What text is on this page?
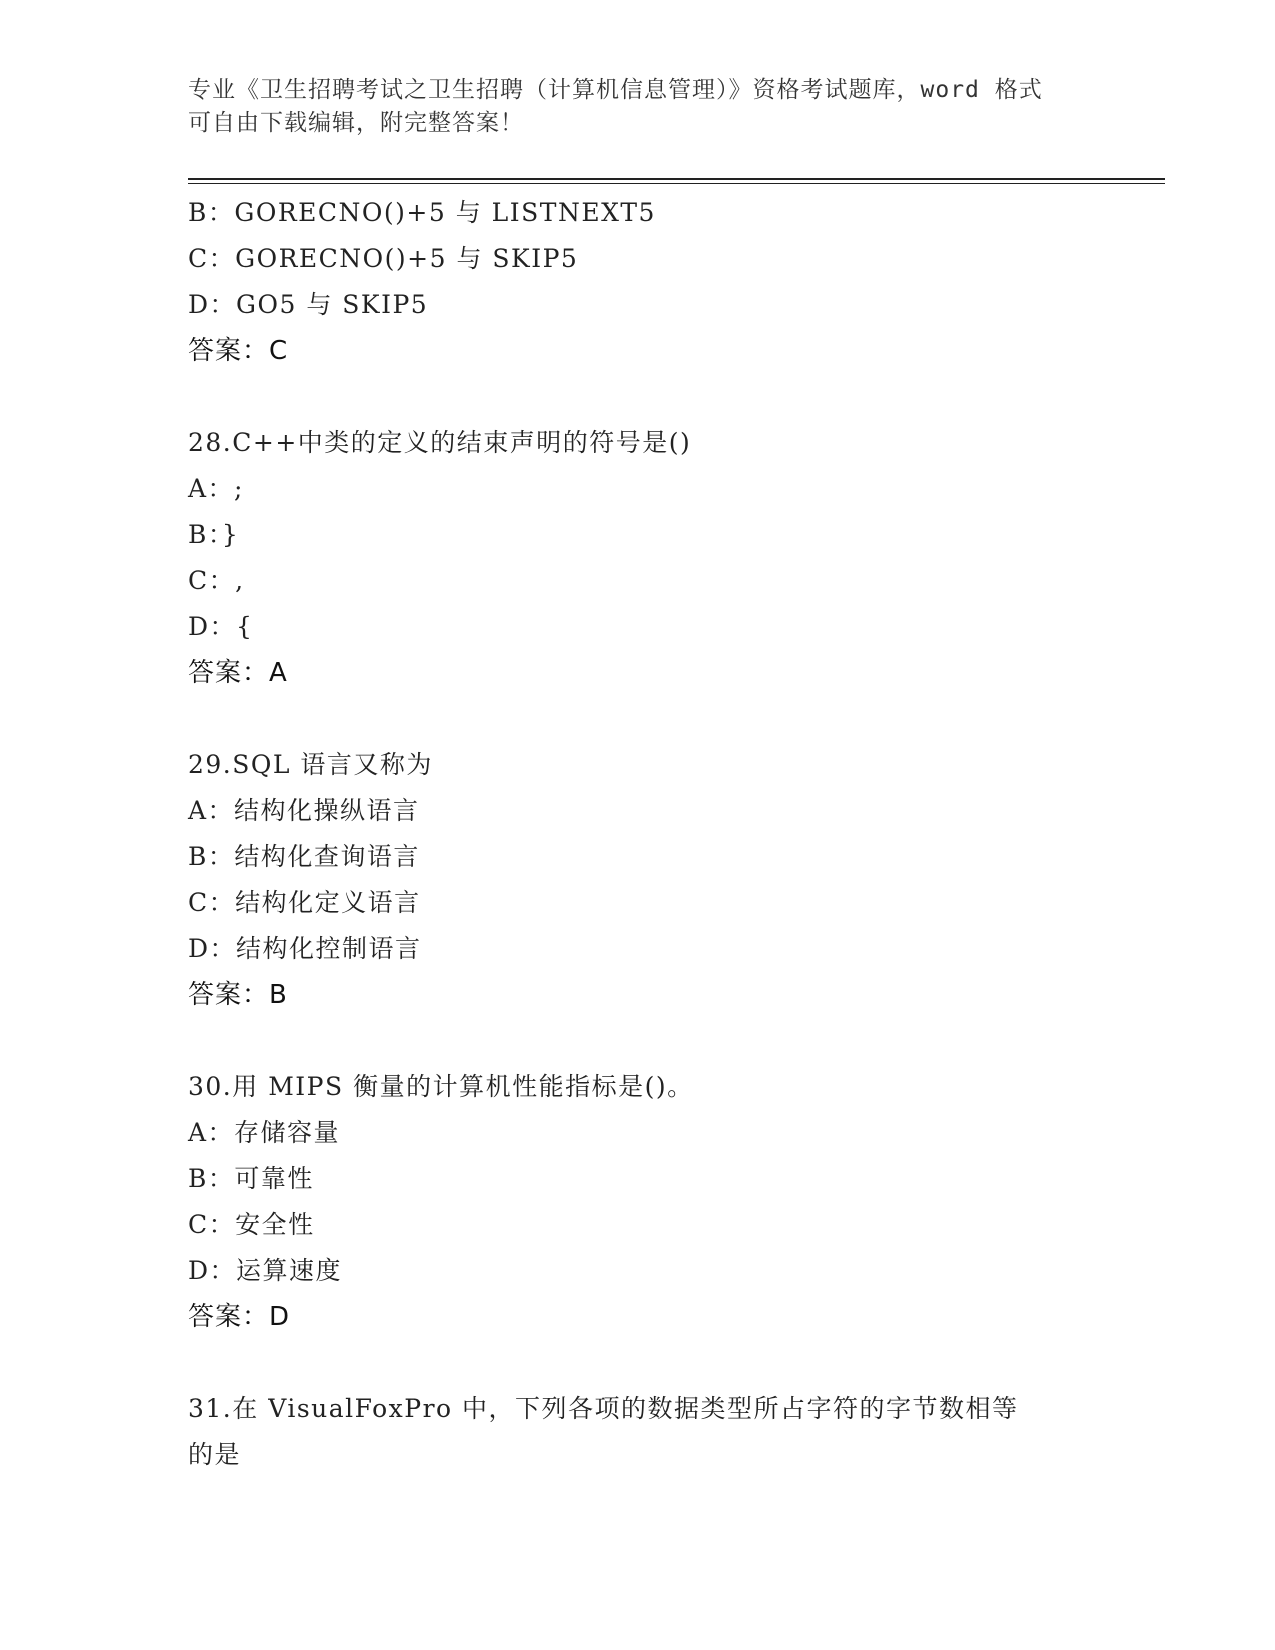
专业《卫生招聘考试之卫生招聘（计算机信息管理）》资格考试题库，word 格式
可自由下载编辑，附完整答案！
B：GORECNO()+5 与 LISTNEXT5
C：GORECNO()+5 与 SKIP5
D：GO5 与 SKIP5
答案：C
28.C++中类的定义的结束声明的符号是()
A：;
B：}
C：,
D：{
答案：A
29.SQL 语言又称为
A：结构化操纵语言
B：结构化查询语言
C：结构化定义语言
D：结构化控制语言
答案：B
30.用 MIPS 衡量的计算机性能指标是()。
A：存储容量
B：可靠性
C：安全性
D：运算速度
答案：D
31.在 VisualFoxPro 中，下列各项的数据类型所占字符的字节数相等
的是
